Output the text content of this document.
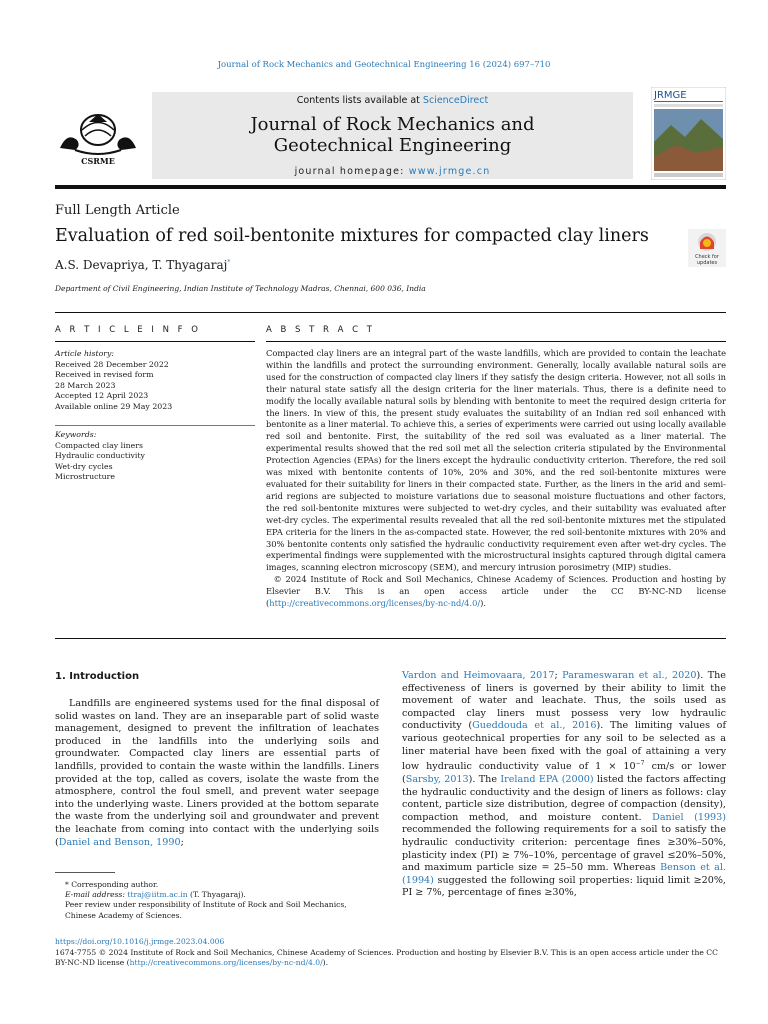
Journal of Rock Mechanics and Geotechnical Engineering 16 (2024) 697–710
CSRME
Contents lists available at ScienceDirect
Journal of Rock Mechanics and
Geotechnical Engineering
journal homepage: www.jrmge.cn
JRMGE
Full Length Article
Evaluation of red soil-bentonite mixtures for compacted clay liners
Check for
updates
A.S. Devapriya, T. Thyagaraj*
Department of Civil Engineering, Indian Institute of Technology Madras, Chennai, 600 036, India
A R T I C L E I N F O	A B S T R A C T
Article history:
Received 28 December 2022
Received in revised form
28 March 2023
Accepted 12 April 2023
Available online 29 May 2023
Keywords:
Compacted clay liners
Hydraulic conductivity
Wet-dry cycles
Microstructure

Compacted clay liners are an integral part of the waste landfills, which are provided to contain the leachate within the landfills and protect the surrounding environment. Generally, locally available natural soils are used for the construction of compacted clay liners if they satisfy the design criteria. However, not all soils in their natural state satisfy all the design criteria for the liner materials. Thus, there is a definite need to modify the locally available natural soils by blending with bentonite to meet the required design criteria for the liners. In view of this, the present study evaluates the suitability of an Indian red soil enhanced with bentonite as a liner material. To achieve this, a series of experiments were carried out using locally available red soil and bentonite. First, the suitability of the red soil was evaluated as a liner material. The experimental results showed that the red soil met all the selection criteria stipulated by the Environmental Protection Agencies (EPAs) for the liners except the hydraulic conductivity criterion. Therefore, the red soil was mixed with bentonite contents of 10%, 20% and 30%, and the red soil-bentonite mixtures were evaluated for their suitability for liners in their compacted state. Further, as the liners in the arid and semi-arid regions are subjected to moisture variations due to seasonal moisture fluctuations and other factors, the red soil-bentonite mixtures were subjected to wet-dry cycles, and their suitability was evaluated after wet-dry cycles. The experimental results revealed that all the red soil-bentonite mixtures met the stipulated EPA criteria for the liners in the as-compacted state. However, the red soil-bentonite mixtures with 20% and 30% bentonite contents only satisfied the hydraulic conductivity requirement even after wet-dry cycles. The experimental findings were supplemented with the microstructural insights captured through digital camera images, scanning electron microscopy (SEM), and mercury intrusion porosimetry (MIP) studies.

© 2024 Institute of Rock and Soil Mechanics, Chinese Academy of Sciences. Production and hosting by Elsevier B.V. This is an open access article under the CC BY-NC-ND license (http://creativecommons.org/licenses/by-nc-nd/4.0/).

1. Introduction

Landfills are engineered systems used for the final disposal of solid wastes on land. They are an inseparable part of solid waste management, designed to prevent the infiltration of leachates produced in the landfills into the underlying soils and groundwater. Compacted clay liners are essential parts of landfills, provided to contain the waste within the landfills. Liners provided at the top, called as covers, isolate the waste from the atmosphere, control the foul smell, and prevent water seepage into the underlying waste. Liners provided at the bottom separate the waste from the underlying soil and groundwater and prevent the leachate from coming into contact with the underlying soils (Daniel and Benson, 1990;

Vardon and Heimovaara, 2017; Parameswaran et al., 2020). The effectiveness of liners is governed by their ability to limit the movement of water and leachate. Thus, the soils used as compacted clay liners must possess very low hydraulic conductivity (Gueddouda et al., 2016). The limiting values of various geotechnical properties for any soil to be selected as a liner material have been fixed with the goal of attaining a very low hydraulic conductivity value of $1 \times 10^{-7}$ cm/s or lower (Sarsby, 2013). The Ireland EPA (2000) listed the factors affecting the hydraulic conductivity and the design of liners as follows: clay content, particle size distribution, degree of compaction (density), compaction method, and moisture content. Daniel (1993) recommended the following requirements for a soil to satisfy the hydraulic conductivity criterion: percentage fines ≥30%–50%, plasticity index (PI) ≥ 7%–10%, percentage of gravel ≤20%–50%, and maximum particle size = 25–50 mm. Whereas Benson et al. (1994) suggested the following soil properties: liquid limit ≥20%, PI ≥ 7%, percentage of fines ≥30%,

* Corresponding author.
E-mail address: ttraj@iitm.ac.in (T. Thyagaraj).
Peer review under responsibility of Institute of Rock and Soil Mechanics, Chinese Academy of Sciences.
https://doi.org/10.1016/j.jrmge.2023.04.006
1674-7755 © 2024 Institute of Rock and Soil Mechanics, Chinese Academy of Sciences. Production and hosting by Elsevier B.V. This is an open access article under the CC BY-NC-ND license (http://creativecommons.org/licenses/by-nc-nd/4.0/).
